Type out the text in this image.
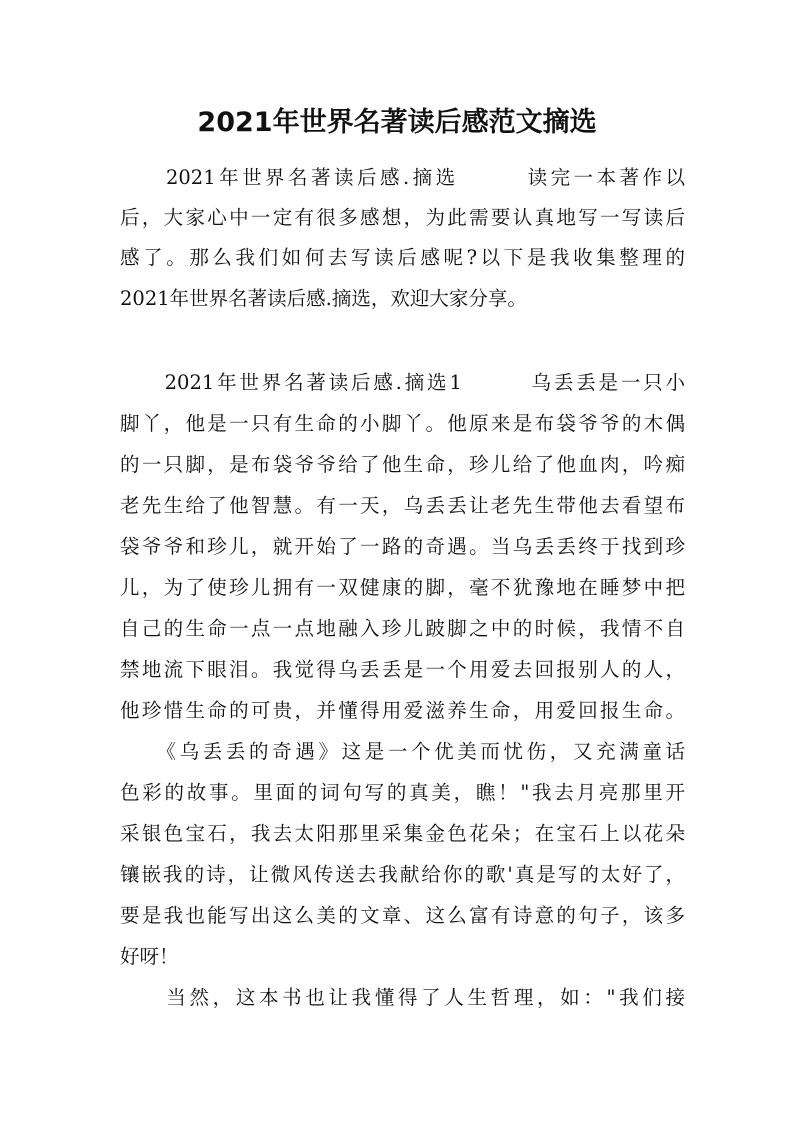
2021年世界名著读后感范文摘选
　　2021年世界名著读后感.摘选　　　读完一本著作以
后，大家心中一定有很多感想，为此需要认真地写一写读后
感了。那么我们如何去写读后感呢?以下是我收集整理的
2021年世界名著读后感.摘选，欢迎大家分享。
　　2021年世界名著读后感.摘选1　　　乌丢丢是一只小
脚丫，他是一只有生命的小脚丫。他原来是布袋爷爷的木偶
的一只脚，是布袋爷爷给了他生命，珍儿给了他血肉，吟痴
老先生给了他智慧。有一天，乌丢丢让老先生带他去看望布
袋爷爷和珍儿，就开始了一路的奇遇。当乌丢丢终于找到珍
儿，为了使珍儿拥有一双健康的脚，毫不犹豫地在睡梦中把
自己的生命一点一点地融入珍儿跛脚之中的时候，我情不自
禁地流下眼泪。我觉得乌丢丢是一个用爱去回报别人的人，
他珍惜生命的可贵，并懂得用爱滋养生命，用爱回报生命。
　　《乌丢丢的奇遇》这是一个优美而忧伤，又充满童话
色彩的故事。里面的词句写的真美，瞧！"我去月亮那里开
采银色宝石，我去太阳那里采集金色花朵；在宝石上以花朵
镶嵌我的诗，让微风传送去我献给你的歌'真是写的太好了，
要是我也能写出这么美的文章、这么富有诗意的句子，该多
好呀！
　　当然，这本书也让我懂得了人生哲理，如："我们接
